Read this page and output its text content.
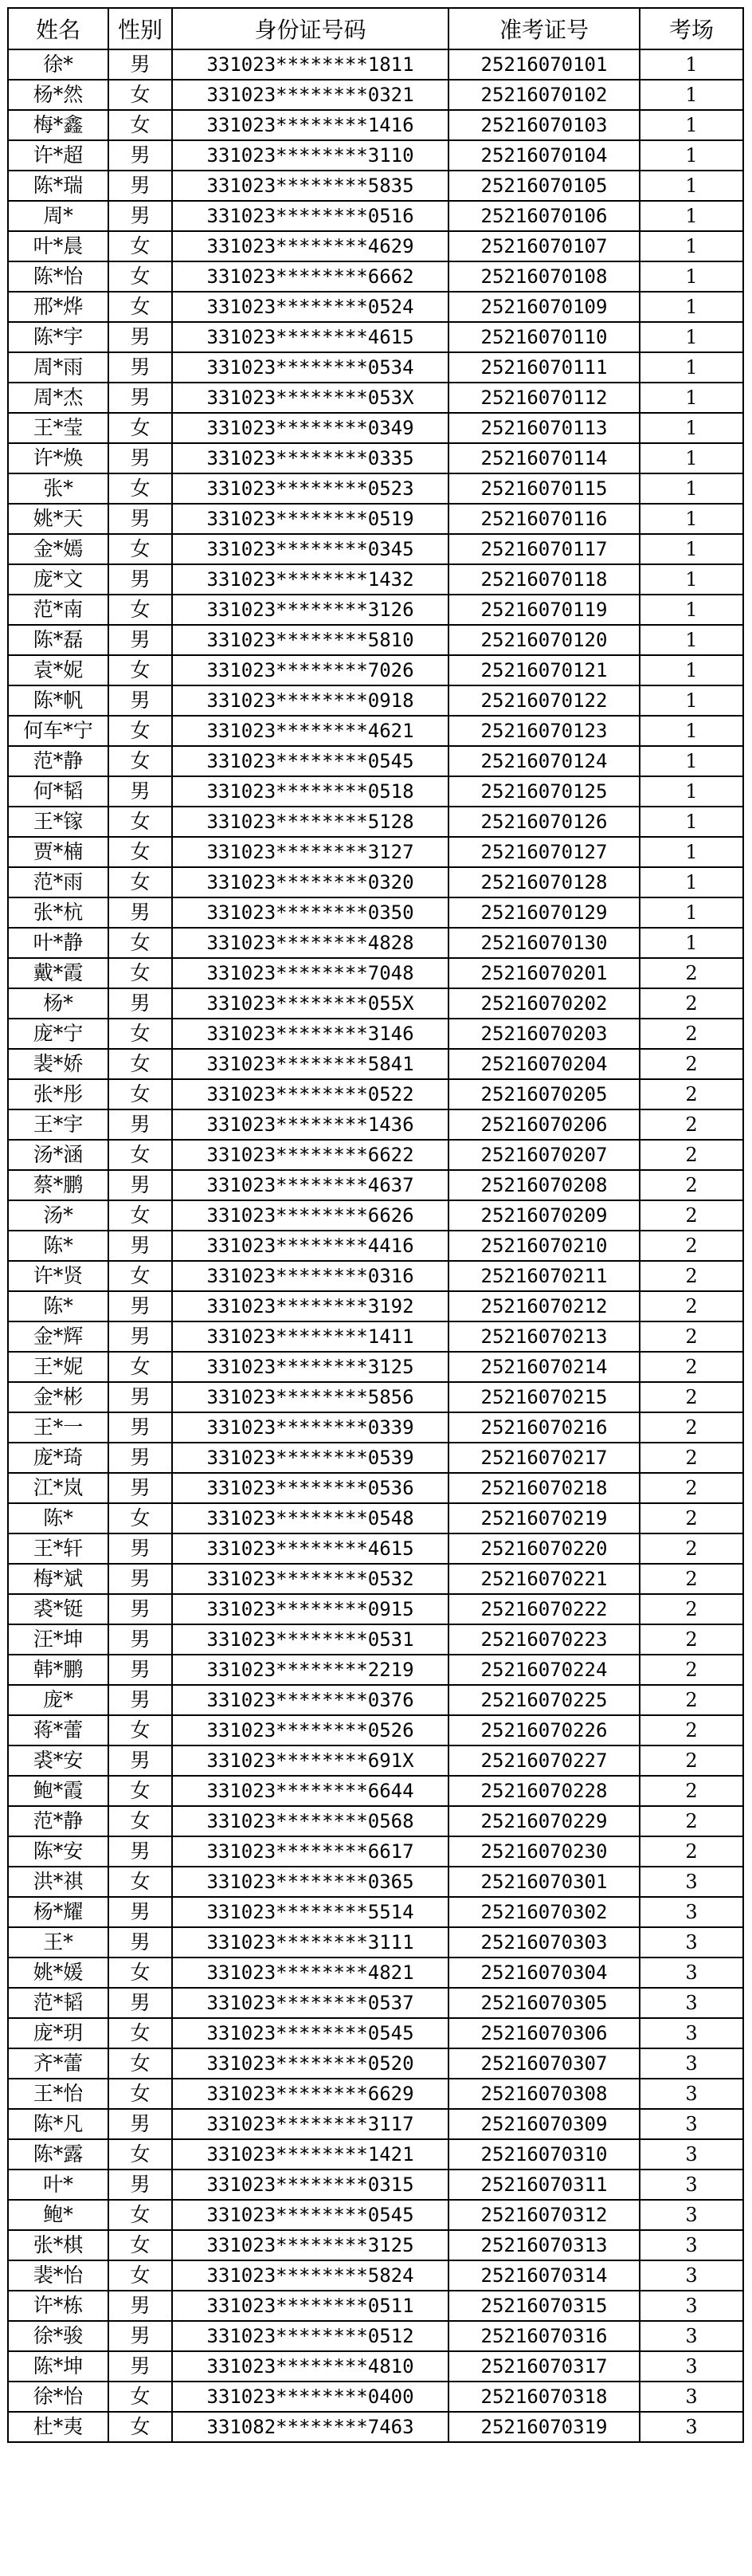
姓名	性别	身份证号码	准考证号	考场
徐*	男	331023********1811	25216070101	1
杨*然	女	331023********0321	25216070102	1
梅*鑫	女	331023********1416	25216070103	1
许*超	男	331023********3110	25216070104	1
陈*瑞	男	331023********5835	25216070105	1
周*	男	331023********0516	25216070106	1
叶*晨	女	331023********4629	25216070107	1
陈*怡	女	331023********6662	25216070108	1
邢*烨	女	331023********0524	25216070109	1
陈*宇	男	331023********4615	25216070110	1
周*雨	男	331023********0534	25216070111	1
周*杰	男	331023********053X	25216070112	1
王*莹	女	331023********0349	25216070113	1
许*焕	男	331023********0335	25216070114	1
张*	女	331023********0523	25216070115	1
姚*天	男	331023********0519	25216070116	1
金*嫣	女	331023********0345	25216070117	1
庞*文	男	331023********1432	25216070118	1
范*南	女	331023********3126	25216070119	1
陈*磊	男	331023********5810	25216070120	1
袁*妮	女	331023********7026	25216070121	1
陈*帆	男	331023********0918	25216070122	1
何车*宁	女	331023********4621	25216070123	1
范*静	女	331023********0545	25216070124	1
何*韬	男	331023********0518	25216070125	1
王*镓	女	331023********5128	25216070126	1
贾*楠	女	331023********3127	25216070127	1
范*雨	女	331023********0320	25216070128	1
张*杭	男	331023********0350	25216070129	1
叶*静	女	331023********4828	25216070130	1
戴*霞	女	331023********7048	25216070201	2
杨*	男	331023********055X	25216070202	2
庞*宁	女	331023********3146	25216070203	2
裴*娇	女	331023********5841	25216070204	2
张*彤	女	331023********0522	25216070205	2
王*宇	男	331023********1436	25216070206	2
汤*涵	女	331023********6622	25216070207	2
蔡*鹏	男	331023********4637	25216070208	2
汤*	女	331023********6626	25216070209	2
陈*	男	331023********4416	25216070210	2
许*贤	女	331023********0316	25216070211	2
陈*	男	331023********3192	25216070212	2
金*辉	男	331023********1411	25216070213	2
王*妮	女	331023********3125	25216070214	2
金*彬	男	331023********5856	25216070215	2
王*一	男	331023********0339	25216070216	2
庞*琦	男	331023********0539	25216070217	2
江*岚	男	331023********0536	25216070218	2
陈*	女	331023********0548	25216070219	2
王*轩	男	331023********4615	25216070220	2
梅*斌	男	331023********0532	25216070221	2
裘*铤	男	331023********0915	25216070222	2
汪*坤	男	331023********0531	25216070223	2
韩*鹏	男	331023********2219	25216070224	2
庞*	男	331023********0376	25216070225	2
蒋*蕾	女	331023********0526	25216070226	2
裘*安	男	331023********691X	25216070227	2
鲍*霞	女	331023********6644	25216070228	2
范*静	女	331023********0568	25216070229	2
陈*安	男	331023********6617	25216070230	2
洪*祺	女	331023********0365	25216070301	3
杨*耀	男	331023********5514	25216070302	3
王*	男	331023********3111	25216070303	3
姚*媛	女	331023********4821	25216070304	3
范*韬	男	331023********0537	25216070305	3
庞*玥	女	331023********0545	25216070306	3
齐*蕾	女	331023********0520	25216070307	3
王*怡	女	331023********6629	25216070308	3
陈*凡	男	331023********3117	25216070309	3
陈*露	女	331023********1421	25216070310	3
叶*	男	331023********0315	25216070311	3
鲍*	女	331023********0545	25216070312	3
张*棋	女	331023********3125	25216070313	3
裴*怡	女	331023********5824	25216070314	3
许*栋	男	331023********0511	25216070315	3
徐*骏	男	331023********0512	25216070316	3
陈*坤	男	331023********4810	25216070317	3
徐*怡	女	331023********0400	25216070318	3
杜*夷	女	331082********7463	25216070319	3
